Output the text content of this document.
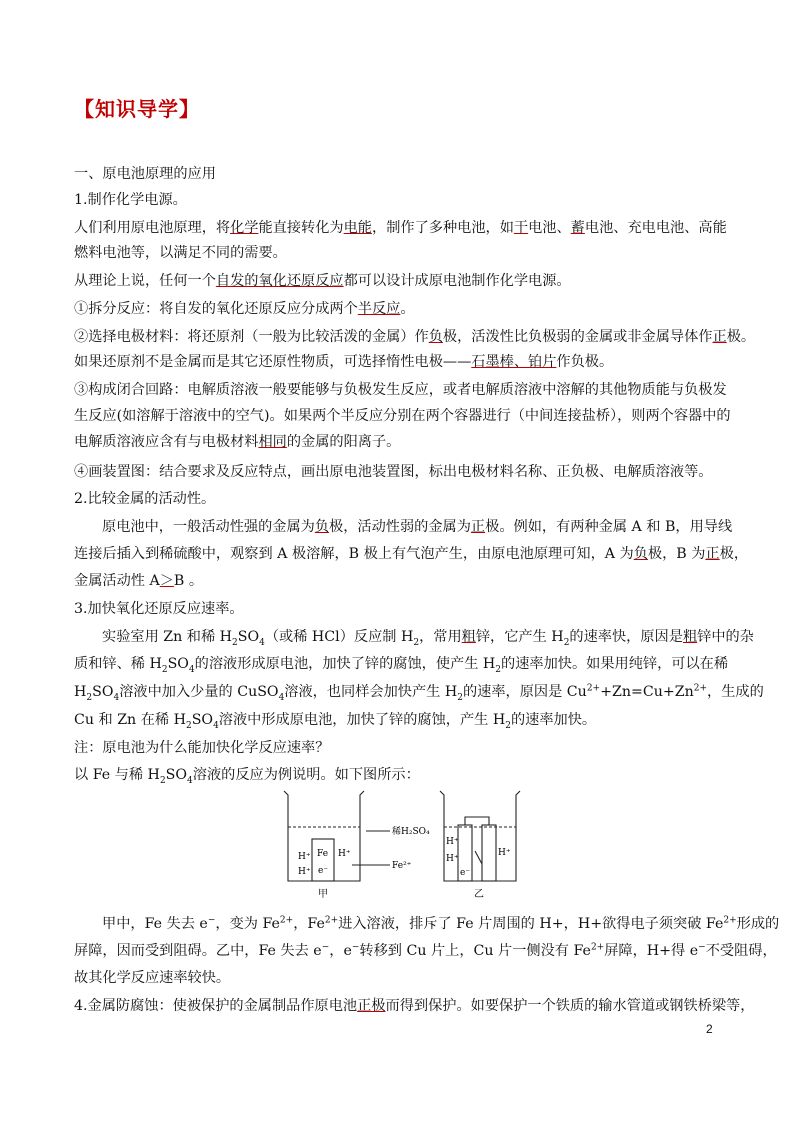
【知识导学】
一、原电池原理的应用
1.制作化学电源。
人们利用原电池原理，将化学能直接转化为电能，制作了多种电池，如干电池、蓄电池、充电电池、高能
燃料电池等，以满足不同的需要。
从理论上说，任何一个自发的氧化还原反应都可以设计成原电池制作化学电源。
①拆分反应：将自发的氧化还原反应分成两个半反应。
②选择电极材料：将还原剂（一般为比较活泼的金属）作负极，活泼性比负极弱的金属或非金属导体作正极。
如果还原剂不是金属而是其它还原性物质，可选择惰性电极——石墨棒、铂片作负极。
③构成闭合回路：电解质溶液一般要能够与负极发生反应，或者电解质溶液中溶解的其他物质能与负极发
生反应(如溶解于溶液中的空气)。如果两个半反应分别在两个容器进行（中间连接盐桥），则两个容器中的
电解质溶液应含有与电极材料相同的金属的阳离子。
④画装置图：结合要求及反应特点，画出原电池装置图，标出电极材料名称、正负极、电解质溶液等。
2.比较金属的活动性。
原电池中，一般活动性强的金属为负极，活动性弱的金属为正极。例如，有两种金属 A 和 B，用导线
连接后插入到稀硫酸中，观察到 A 极溶解，B 极上有气泡产生，由原电池原理可知，A 为负极，B 为正极，
金属活动性 A＞B 。
3.加快氧化还原反应速率。
实验室用 Zn 和稀 $H_2SO_4$（或稀 HCl）反应制 $H_2$，常用粗锌，它产生 $H_2$的速率快，原因是粗锌中的杂
质和锌、稀 $H_2SO_4$的溶液形成原电池，加快了锌的腐蚀，使产生 $H_2$的速率加快。如果用纯锌，可以在稀
$H_2SO_4$溶液中加入少量的 CuSO$_4$溶液，也同样会加快产生 $H_2$的速率，原因是 $Cu^{2+}+Zn=Cu+Zn^{2+}$，生成的
Cu 和 Zn 在稀 $H_2SO_4$溶液中形成原电池，加快了锌的腐蚀，产生 $H_2$的速率加快。
注：原电池为什么能加快化学反应速率？
以 Fe 与稀 $H_2SO_4$溶液的反应为例说明。如下图所示：
H⁺
H⁺
Fe
e⁻
H⁺
稀H₂SO₄
Fe²⁺
H⁺
H⁺
e⁻
H⁺
甲	乙
甲中，Fe 失去 e−，变为 $Fe^{2+}$，$Fe^{2+}$进入溶液，排斥了 Fe 片周围的 H+，H+欲得电子须突破 $Fe^{2+}$形成的
屏障，因而受到阻碍。乙中，Fe 失去 e−，e−转移到 Cu 片上，Cu 片一侧没有 $Fe^{2+}$屏障，H+得 e−不受阻碍，
故其化学反应速率较快。
4.金属防腐蚀：使被保护的金属制品作原电池正极而得到保护。如要保护一个铁质的输水管道或钢铁桥梁等，
2
